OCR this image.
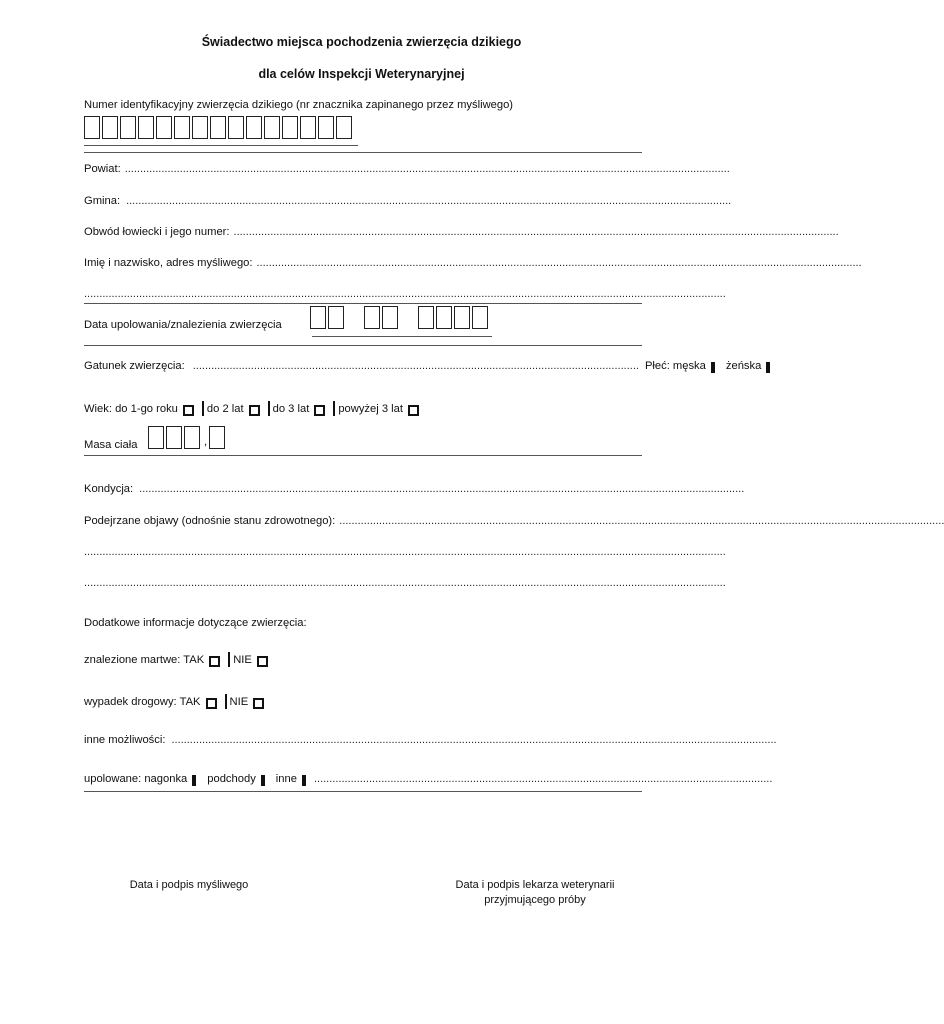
Świadectwo miejsca pochodzenia zwierzęcia dzikiego
dla celów Inspekcji Weterynaryjnej
Numer identyfikacyjny zwierzęcia dzikiego (nr znacznika zapinanego przez myśliwego)
Powiat: ......................................................................................................................................................................................................
Gmina: ......................................................................................................................................................................................................
Obwód łowiecki i jego numer: ......................................................................................................................................................................................................
Imię i nazwisko, adres myśliwego: ......................................................................................................................................................................................................
..................................................................................................................................................................................................................
Data upolowania/znalezienia zwierzęcia
Gatunek zwierzęcia: .................................................................................................................................................. Płeć: męska żeńska
Wiek: do 1-go roku	do 2 lat	do 3 lat	powyżej 3 lat
Masa ciała	,
Kondycja: ......................................................................................................................................................................................................
Podejrzane objawy (odnośnie stanu zdrowotnego): ......................................................................................................................................................................................................
..................................................................................................................................................................................................................
..................................................................................................................................................................................................................
Dodatkowe informacje dotyczące zwierzęcia:
znalezione martwe: TAK	NIE
wypadek drogowy: TAK	NIE
inne możliwości: ......................................................................................................................................................................................................
upolowane: nagonka podchody inne ......................................................................................................................................................
Data i podpis myśliwego	Data i podpis lekarza weterynarii
przyjmującego próby
